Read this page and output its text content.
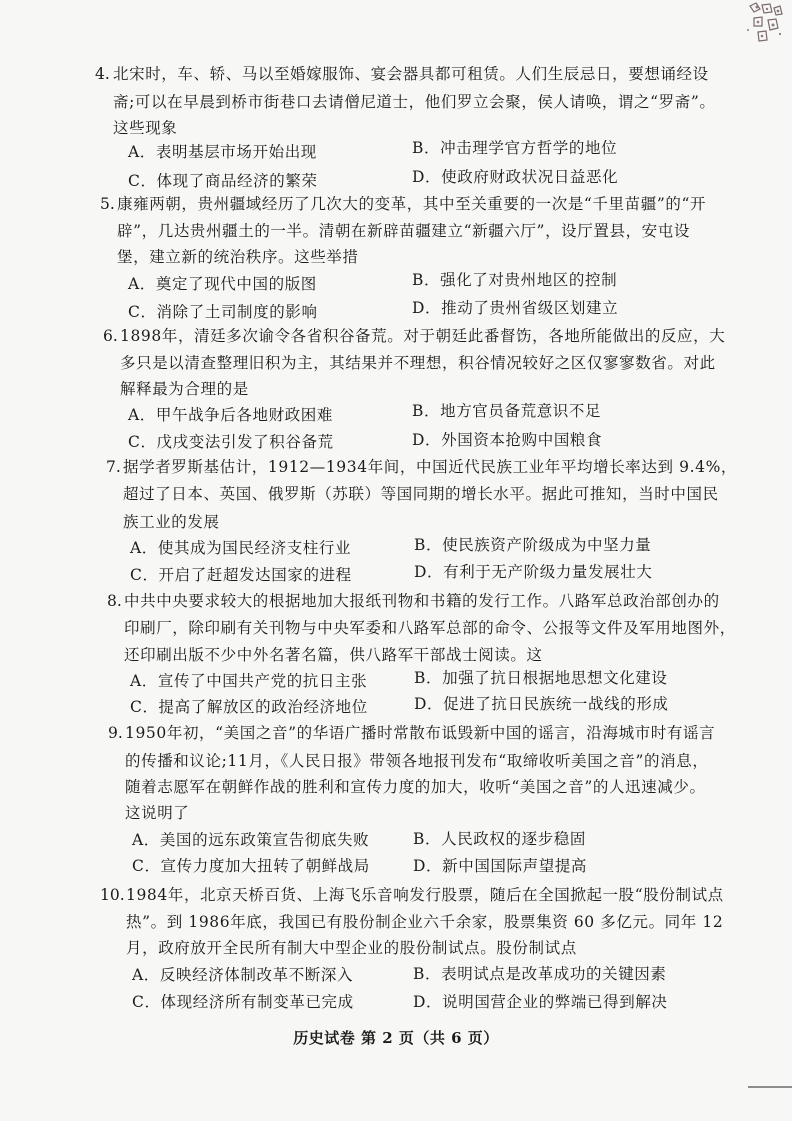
4. 北宋时，车、轿、马以至婚嫁服饰、宴会器具都可租赁。人们生辰忌日，要想诵经设
斋;可以在早晨到桥市街巷口去请僧尼道士，他们罗立会聚，侯人请唤，谓之“罗斋”。
这些现象
A．表明基层市场开始出现	B．冲击理学官方哲学的地位
C．体现了商品经济的繁荣	D．使政府财政状况日益恶化
5. 康雍两朝，贵州疆域经历了几次大的变革，其中至关重要的一次是“千里苗疆”的“开
辟”，几达贵州疆土的一半。清朝在新辟苗疆建立“新疆六厅”，设厅置县，安屯设
堡，建立新的统治秩序。这些举措
A．奠定了现代中国的版图	B．强化了对贵州地区的控制
C．消除了土司制度的影响	D．推动了贵州省级区划建立
6. 1898年，清廷多次谕令各省积谷备荒。对于朝廷此番督饬，各地所能做出的反应，大
多只是以清查整理旧积为主，其结果并不理想，积谷情况较好之区仅寥寥数省。对此
解释最为合理的是
A．甲午战争后各地财政困难	B．地方官员备荒意识不足
C．戊戌变法引发了积谷备荒	D．外国资本抢购中国粮食
7. 据学者罗斯基估计，1912—1934年间，中国近代民族工业年平均增长率达到 9.4%，
超过了日本、英国、俄罗斯（苏联）等国同期的增长水平。据此可推知，当时中国民
族工业的发展
A．使其成为国民经济支柱行业	B．使民族资产阶级成为中坚力量
C．开启了赶超发达国家的进程	D．有利于无产阶级力量发展壮大
8. 中共中央要求较大的根据地加大报纸刊物和书籍的发行工作。八路军总政治部创办的
印刷厂，除印刷有关刊物与中央军委和八路军总部的命令、公报等文件及军用地图外，
还印刷出版不少中外名著名篇，供八路军干部战士阅读。这
A．宣传了中国共产党的抗日主张	B．加强了抗日根据地思想文化建设
C．提高了解放区的政治经济地位	D．促进了抗日民族统一战线的形成
9. 1950年初，“美国之音”的华语广播时常散布诋毁新中国的谣言，沿海城市时有谣言
的传播和议论;11月，《人民日报》带领各地报刊发布“取缔收听美国之音”的消息，
随着志愿军在朝鲜作战的胜利和宣传力度的加大，收听“美国之音”的人迅速减少。
这说明了
A．美国的远东政策宣告彻底失败	B．人民政权的逐步稳固
C．宣传力度加大扭转了朝鲜战局	D．新中国国际声望提高
10. 1984年，北京天桥百货、上海飞乐音响发行股票，随后在全国掀起一股“股份制试点
热”。到 1986年底，我国已有股份制企业六千余家，股票集资 60 多亿元。同年 12
月，政府放开全民所有制大中型企业的股份制试点。股份制试点
A．反映经济体制改革不断深入	B．表明试点是改革成功的关键因素
C．体现经济所有制变革已完成	D．说明国营企业的弊端已得到解决
历史试卷 第 2 页（共 6 页）
